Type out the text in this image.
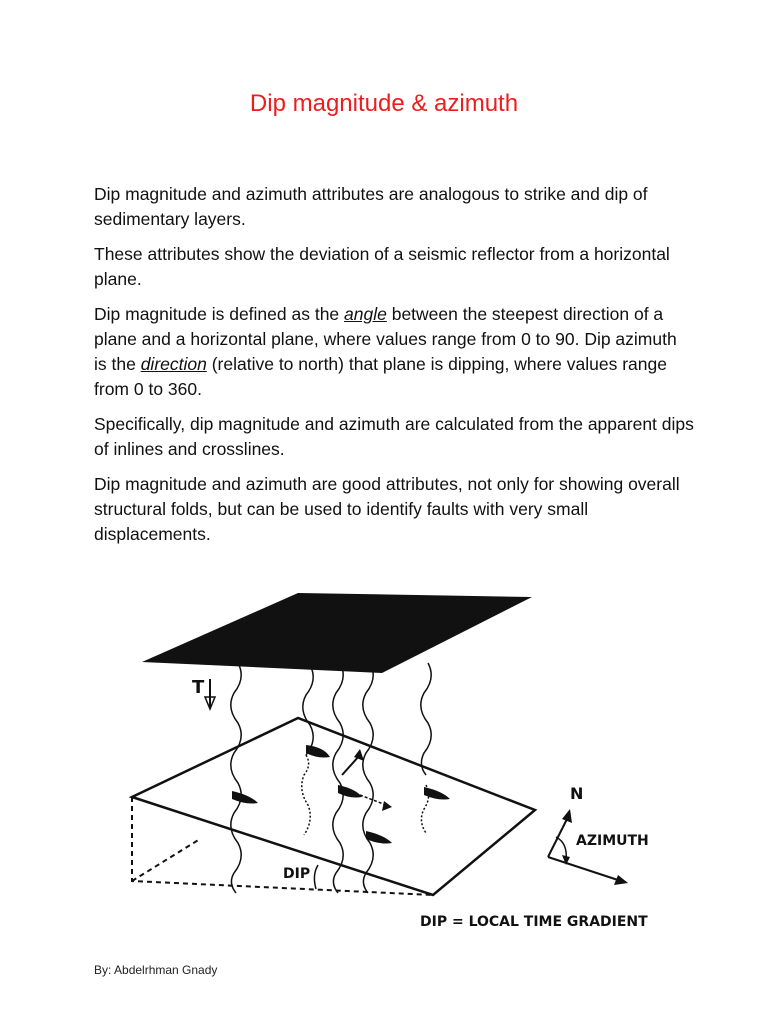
Dip magnitude & azimuth

Dip magnitude and azimuth attributes are analogous to strike and dip of sedimentary layers.

These attributes show the deviation of a seismic reflector from a horizontal plane.

Dip magnitude is defined as the angle between the steepest direction of a plane and a horizontal plane, where values range from 0 to 90. Dip azimuth is the direction (relative to north) that plane is dipping, where values range from 0 to 360.

Specifically, dip magnitude and azimuth are calculated from the apparent dips of inlines and crosslines.

Dip magnitude and azimuth are good attributes, not only for showing overall structural folds, but can be used to identify faults with very small displacements.

T
DIP
N
AZIMUTH
DIP = LOCAL TIME GRADIENT
By: Abdelrhman Gnady
